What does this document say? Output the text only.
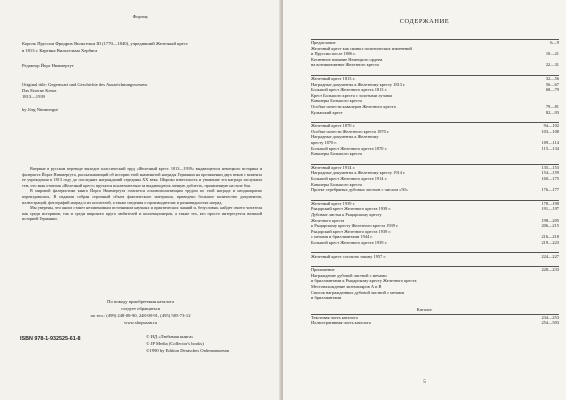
Форзац:
Король Пруссии Фридрих Вильгельм III (1770—1840), учредивший Железный крест
в 1813 г. Картина Вильгельма Хербига
Редактор Йорг Ниммергут
Original title: Gegenwart und Geschichte des Auszeichnungswesens
Das Eiserne Kreuz
1813—1939
by Jörg Nimmergut

Впервые в русском переводе выходит классический труд «Железный крест. 1813—1939» выдающегося немецкого историка и фалериста Йорга Ниммергута, рассказывающий об истории этой знаменитой награды Германии на протяжении двух веков с момента ее учреждения в 1813 году до последних награждений середины XX века. Широко известность и уважение эта награда заслужила тем, что знак отличия «Железный крест» вручался исключительно за выдающуюся личную доблесть, проявленную на поле боя.

В мировой фалеристике книга Йорга Ниммергута считается основополагающим трудом по этой награде и неоднократно переиздавалась. В издании собран огромный объем фактического материала, приведено большое количество документов, иллюстраций, фотографий наград и их носителей, а также сведения о производителях и разновидностях наград.

Мы уверены, что книга станет незаменимым источником научных и практических знаний и, безусловно, найдет своего читателя как среди историков, так и среди широкого круга любителей и коллекционеров, а также тех, кто просто интересуется военной историей Германии.

По поводу приобретения каталога
следует обращаться
по тел.: (499) 248-08-90, 248-08-91, (495) 585-73-12
www.shopusan.ru
ISBN 978-1-932525-61-8	© ИД «Любимая книга»
© JP Media (Collector's books)
©1990 by Edition Deutsches Ordensmuseum
СОДЕРЖАНИЕ
Предисловие	6—9
Железный крест как символ политических изменений
и Пруссии после 1806 г.	10—21
Косвенное влияние Немецкого ордена
на возникновение Железного креста	22—31
Железный крест 1813 г.	32—56
Наградные документы к Железному кресту 1813 г.	56—67
Большой крест Железного креста 1813 г.	68—79
Крест Большого креста с золотыми лучами
Кавалеры Большого креста
Особые почести кавалеров Железного креста	79—81
Кульмский крест	82—93
Железный крест 1870 г.	94—102
Особые почести Железного креста 1870 г.	103—108
Наградные документы к Железному
кресту 1870 г.	109—114
Большой крест Железного креста 1870 г.	115—134
Кавалеры Большого креста
Железный крест 1914 г.	135—153
Наградные документы к Железному кресту 1914 г.	154—159
Большой крест Железного креста 1914 г.	160—175
Кавалеры Большого креста
Проект серебряных дубовых листьев с числом «50»	176—177
Железный крест 1939 г.	178—190
Рыцарский крест Железного креста 1939 г.	191—197
Дубовые листья к Рыцарскому кресту
Железного креста	198—205
к Рыцарскому кресту Железного креста 1939 г.	206—215
Рыцарский крест Железного креста 1939 г.
с мечами и бриллиантами 1944 г.	216—218
Большой крест Железного креста 1939 г.	219—223
Железный крест согласно закону 1957 г.	224—227
Приложение	228—233
Награждение дубовой листвой с мечами
и бриллиантами к Рыцарскому кресту Железного креста
Местонахождение экземпляров А и В
Список награжденных дубовой листвой с мечами
и бриллиантами
Каталог
Текстовая часть каталога	234—253
Иллюстративная часть каталога	254—503
5
